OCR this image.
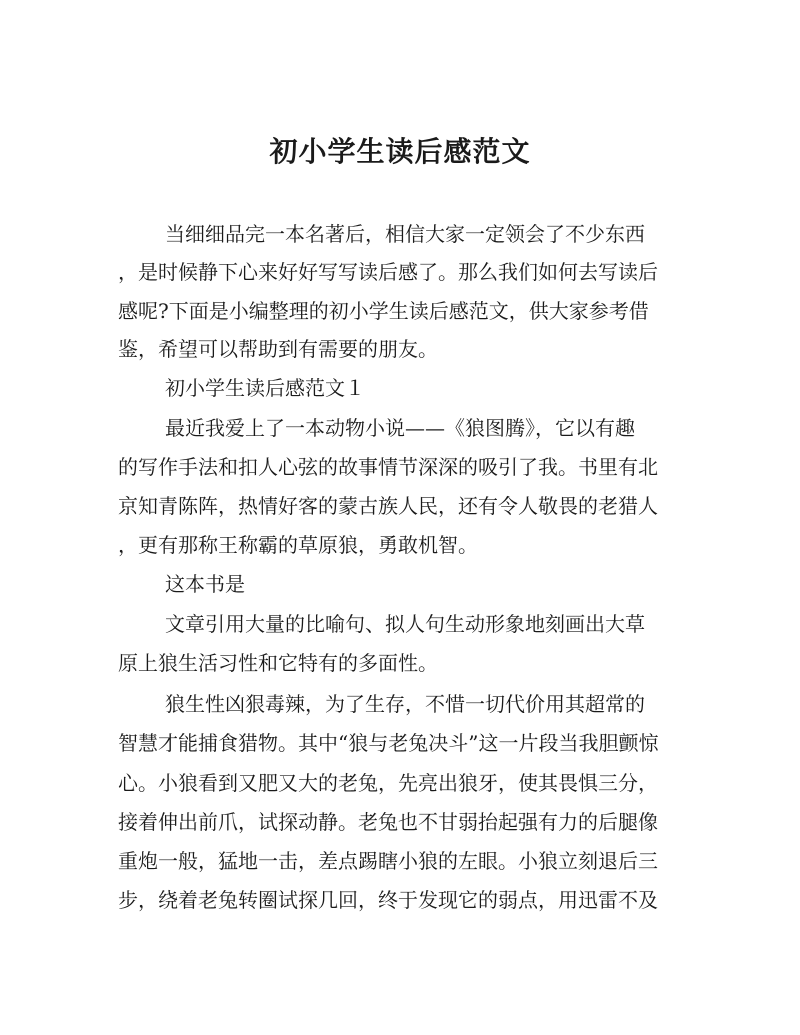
初小学生读后感范文
当细细品完一本名著后，相信大家一定领会了不少东西
，是时候静下心来好好写写读后感了。那么我们如何去写读后
感呢?下面是小编整理的初小学生读后感范文，供大家参考借
鉴，希望可以帮助到有需要的朋友。
初小学生读后感范文１
最近我爱上了一本动物小说——《狼图腾》，它以有趣
的写作手法和扣人心弦的故事情节深深的吸引了我。书里有北
京知青陈阵，热情好客的蒙古族人民，还有令人敬畏的老猎人
，更有那称王称霸的草原狼，勇敢机智。
这本书是
文章引用大量的比喻句、拟人句生动形象地刻画出大草
原上狼生活习性和它特有的多面性。
狼生性凶狠毒辣，为了生存，不惜一切代价用其超常的
智慧才能捕食猎物。其中“狼与老兔决斗”这一片段当我胆颤惊
心。小狼看到又肥又大的老兔，先亮出狼牙，使其畏惧三分，
接着伸出前爪，试探动静。老兔也不甘弱抬起强有力的后腿像
重炮一般，猛地一击，差点踢瞎小狼的左眼。小狼立刻退后三
步，绕着老兔转圈试探几回，终于发现它的弱点，用迅雷不及
